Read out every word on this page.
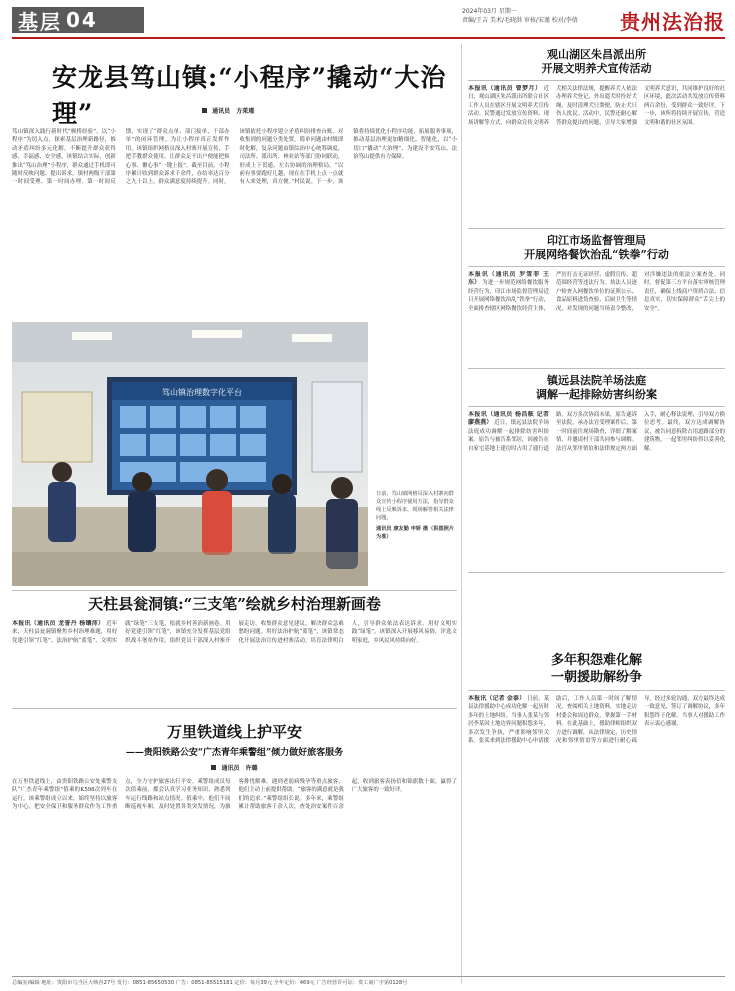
基层 04	2024年03月 星期一
责编/王吉 美术/毛晓洪 审核/宋谨 校对/李倩	贵州法治报
安龙县笃山镇:“小程序”撬动“大治理”	通讯员 方茱瑾
笃山镇深入践行新时代“枫桥经验”，以“小程序”为切入点，探索基层治理新路径，推动矛盾纠纷多元化解，不断提升群众获得感、幸福感、安全感。该镇结合实际，创新推出“笃山治理”小程序，群众通过手机即可随时反映问题、提出诉求，镇村两级干部第一时间受理、第一时间办理、第一时间反馈，实现了“群众点单、部门接单、干部办单”的闭环管理。为让小程序真正发挥作用，该镇组织网格员深入村寨开展宣传，手把手教群众使用，让群众足不出户便能把烦心事、揪心事“一键上报”。截至目前，小程序累计收到群众诉求千余件，办结率达百分之九十以上，群众满意度持续提升。同时，该镇依托小程序建立矛盾纠纷排查台账，对收集到的问题分类处置，简单问题由村级即时化解，复杂问题由镇综治中心统筹调度，司法所、派出所、林业站等部门协同联动，形成上下贯通、左右协调的治理格局。“以前有事要跑好几趟，现在在手机上点一点就有人来处理，真方便。”村民说。下一步，该镇将持续优化小程序功能，拓展服务事项，推动基层治理更加精细化、智能化，以“小切口”撬动“大治理”，为建设平安笃山、法治笃山提供有力保障。
笃山镇治理数字化平台
日前，笃山镇网格员深入村寨向群众宣传小程序使用方法，指导群众线上反映诉求，现场解答相关法律问题。
通讯员 康友勤 申娇 摄（供图照片为准）
观山湖区朱昌派出所
开展文明养犬宣传活动
本报讯（通讯员 曾梦月） 近日，观山湖区朱昌派出所联合社区工作人员在辖区开展文明养犬宣传活动。民警通过发放宣传资料、现场讲解等方式，向群众宣传文明养犬相关法律法规，提醒养犬人依法办理养犬登记，外出遛犬时拴好犬绳、及时清理犬只粪便，防止犬只伤人扰民。活动中，民警还耐心解答群众提出的问题，引导大家增强文明养犬意识，共同维护良好的社区环境。此次活动共发放宣传资料两百余份，受到群众一致好评。下一步，该所将持续开展宣传，营造文明和谐的社区氛围。
印江市场监督管理局
开展网络餐饮治乱“铁拳”行动
本报讯（通讯员 罗雪菲 王东） 为进一步规范网络餐饮服务经营行为，印江市场监督管理局近日开展网络餐饮治乱“铁拳”行动，全面排查辖区网络餐饮经营主体，严厉打击无证经营、虚假宣传、超范围经营等违法行为。执法人员逐户检查入网餐饮单位的证照公示、食品原料进货查验、后厨卫生等情况，对发现的问题当场责令整改，对涉嫌违法的依法立案查处。同时，督促第三方平台落实审核管理责任，确保上线商户资质合法、信息真实，切实保障群众“舌尖上的安全”。
镇远县法院羊场法庭
调解一起排除妨害纠纷案
本报讯（通讯员 杨昌舷 记者 廖燕燕） 近日，镇远县法院羊场法庭成功调解一起排除妨害纠纷案。原告与被告系邻居，因被告在自家宅基地上建房时占用了通行道路，双方多次协商未果，原告遂诉至法院。承办法官受理案件后，第一时间前往现场勘查，详细了解案情，并邀请村干部共同参与调解。法官从邻里情谊和法律规定两方面入手，耐心释法说理，引导双方换位思考。最终，双方达成调解协议，被告同意拆除占用道路部分的建筑物，一起邻里纠纷得以妥善化解。
多年积怨难化解
一朝援助解纷争
本报讯（记者 金泰） 日前，某县法律援助中心成功化解一起历时多年的土地纠纷。当事人张某与邻居李某因土地边界问题积怨多年，多次发生争执，严重影响邻里关系。张某来到法律援助中心申请援助后，工作人员第一时间了解情况，查阅相关土地资料，实地走访村委会和周边群众，掌握第一手材料。在此基础上，援助律师组织双方进行调解，从法律规定、历史情况和邻里情谊等方面进行耐心疏导。经过多轮沟通，双方最终达成一致意见，签订了调解协议，多年积怨终于化解。当事人对援助工作表示衷心感谢。
天柱县瓮洞镇:“三支笔”绘就乡村治理新画卷
本报讯（通讯员 龙誉丹 杨镶沛） 近年来，天柱县瓮洞镇聚焦乡村治理难题，用好党建引领“红笔”、法治护航“蓝笔”、文明实践“绿笔”三支笔，绘就乡村善治新画卷。用好党建引领“红笔”，该镇充分发挥基层党组织战斗堡垒作用，组织党员干部深入村寨开展走访，收集群众意见建议，解决群众急难愁盼问题。用好法治护航“蓝笔”，该镇常态化开展法治宣传进村寨活动，培育法律明白人，引导群众依法表达诉求。用好文明实践“绿笔”，该镇深入开展移风易俗，评选文明家庭，乡风民风持续向好。
万里铁道线上护平安
——贵阳铁路公安“广杰青年乘警组”倾力做好旅客服务
通讯员 许璐
在万里铁道线上，由贵阳铁路公安处乘警支队“广杰青年乘警组”值乘的K598次列车在运行。该乘警组成立以来，始终坚持以旅客为中心，把安全保卫和服务群众作为工作重点，全力守护旅客出行平安。乘警组成员每次值乘前，都会认真学习业务知识，熟悉列车运行线路和站点情况。值乘中，他们不间断巡视车厢，及时处置各类突发情况，为旅客排忧解难。遇到老弱病残孕等重点旅客，他们主动上前提供帮助。“旅客的满意就是我们的追求。”乘警组组长说。多年来，乘警组累计帮助旅客千余人次，查处治安案件百余起，收到旅客表扬信和锦旗数十面，赢得了广大旅客的一致好评。
总编室/编辑 地址：贵阳市乌当区大峡谷27号 发行：0851-85650530 广告：0851-85515181 定价：每月39元 全年定价：469元 广告经营许可证：贵工商广字第0128号
